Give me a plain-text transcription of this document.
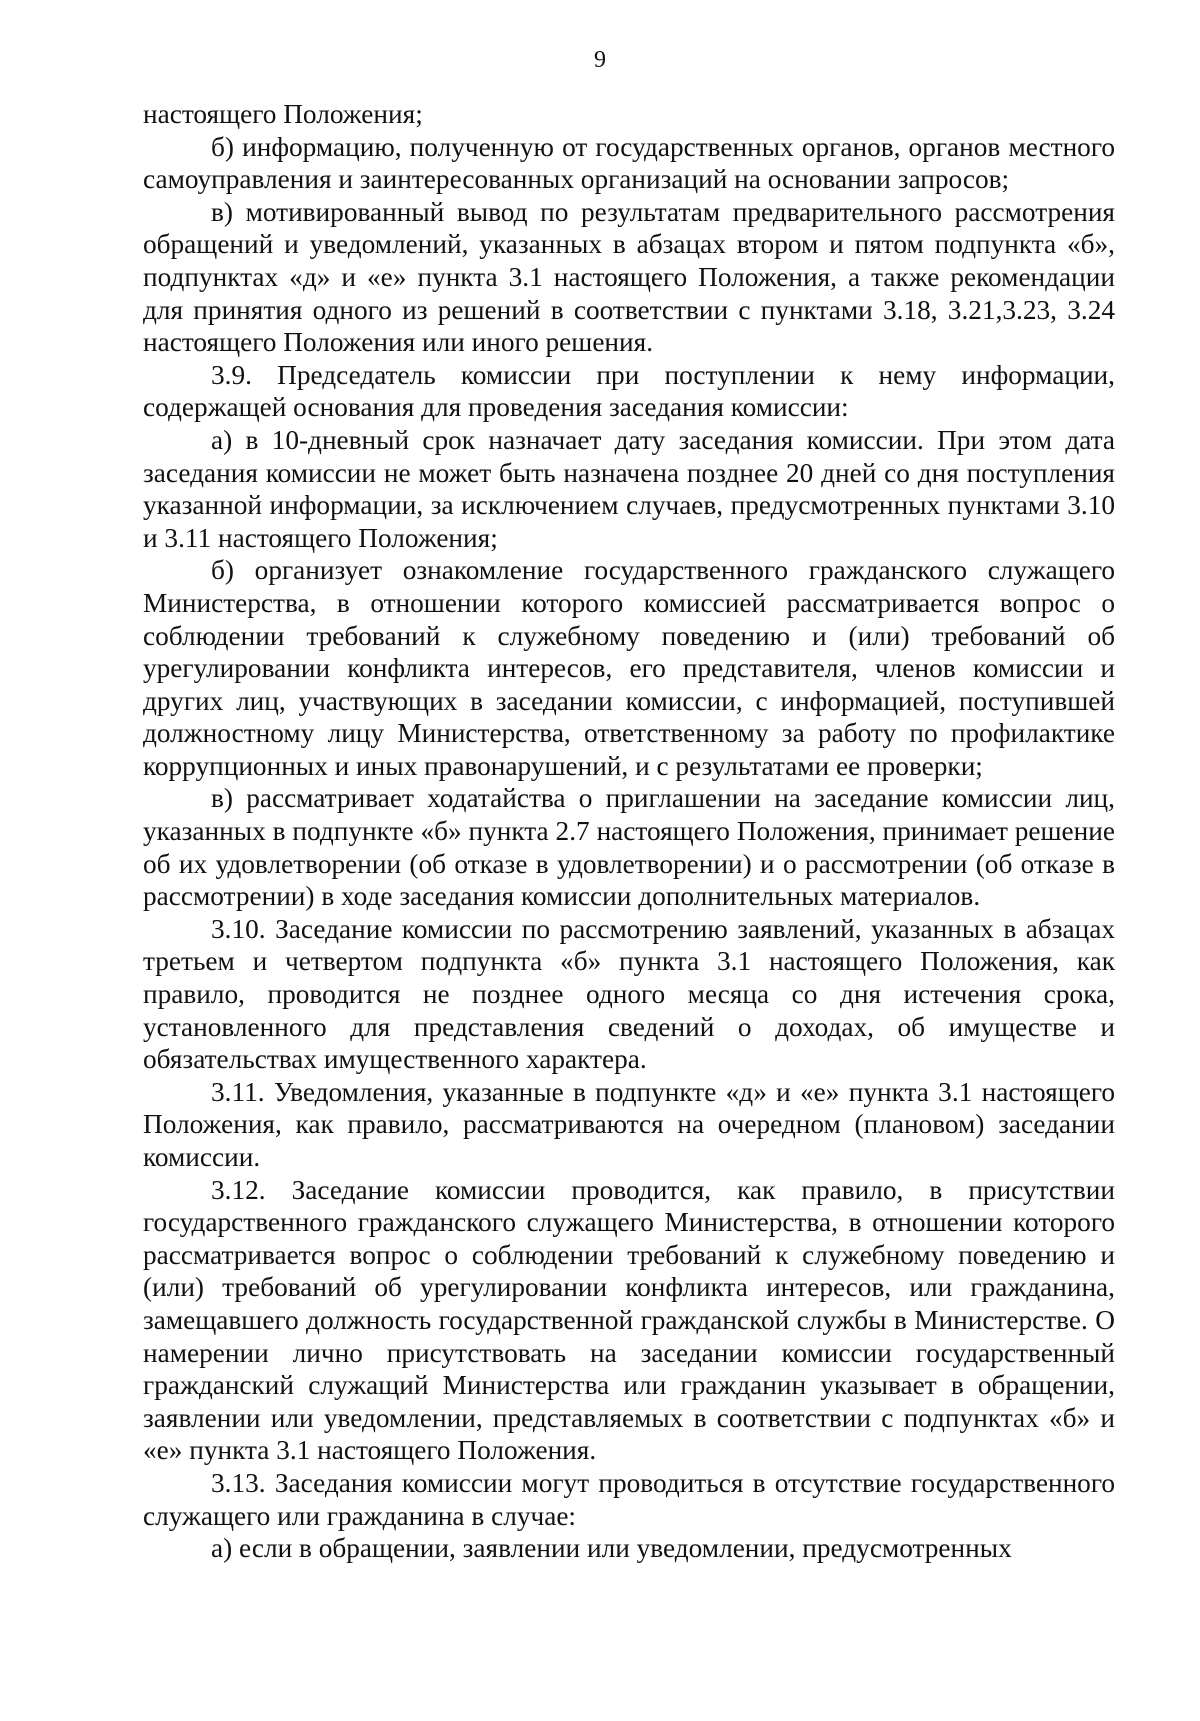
9

настоящего Положения;

б) информацию, полученную от государственных органов, органов местного самоуправления и заинтересованных организаций на основании запросов;

в) мотивированный вывод по результатам предварительного рассмотрения обращений и уведомлений, указанных в абзацах втором и пятом подпункта «б», подпунктах «д» и «е» пункта 3.1 настоящего Положения, а также рекомендации для принятия одного из решений в соответствии с пунктами 3.18, 3.21,3.23, 3.24 настоящего Положения или иного решения.

3.9. Председатель комиссии при поступлении к нему информации, содержащей основания для проведения заседания комиссии:

а) в 10-дневный срок назначает дату заседания комиссии. При этом дата заседания комиссии не может быть назначена позднее 20 дней со дня поступления указанной информации, за исключением случаев, предусмотренных пунктами 3.10 и 3.11 настоящего Положения;

б) организует ознакомление государственного гражданского служащего Министерства, в отношении которого комиссией рассматривается вопрос о соблюдении требований к служебному поведению и (или) требований об урегулировании конфликта интересов, его представителя, членов комиссии и других лиц, участвующих в заседании комиссии, с информацией, поступившей должностному лицу Министерства, ответственному за работу по профилактике коррупционных и иных правонарушений, и с результатами ее проверки;

в) рассматривает ходатайства о приглашении на заседание комиссии лиц, указанных в подпункте «б» пункта 2.7 настоящего Положения, принимает решение об их удовлетворении (об отказе в удовлетворении) и о рассмотрении (об отказе в рассмотрении) в ходе заседания комиссии дополнительных материалов.

3.10. Заседание комиссии по рассмотрению заявлений, указанных в абзацах третьем и четвертом подпункта «б» пункта 3.1 настоящего Положения, как правило, проводится не позднее одного месяца со дня истечения срока, установленного для представления сведений о доходах, об имуществе и обязательствах имущественного характера.

3.11. Уведомления, указанные в подпункте «д» и «е» пункта 3.1 настоящего Положения, как правило, рассматриваются на очередном (плановом) заседании комиссии.

3.12. Заседание комиссии проводится, как правило, в присутствии государственного гражданского служащего Министерства, в отношении которого рассматривается вопрос о соблюдении требований к служебному поведению и (или) требований об урегулировании конфликта интересов, или гражданина, замещавшего должность государственной гражданской службы в Министерстве. О намерении лично присутствовать на заседании комиссии государственный гражданский служащий Министерства или гражданин указывает в обращении, заявлении или уведомлении, представляемых в соответствии с подпунктах «б» и «е» пункта 3.1 настоящего Положения.

3.13. Заседания комиссии могут проводиться в отсутствие государственного служащего или гражданина в случае:

а) если в обращении, заявлении или уведомлении, предусмотренных
